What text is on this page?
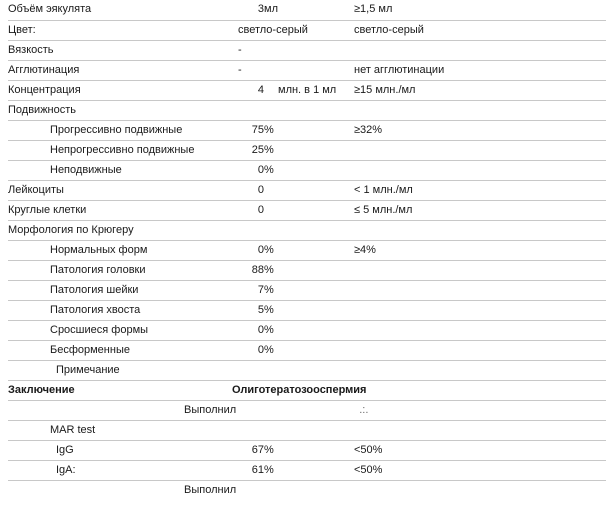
Объём эякулята	3	мл	≥1,5 мл
Цвет:	светло-серый		светло-серый
Вязкость	-		
Агглютинация	-		нет агглютинации
Концентрация	4	млн. в 1 мл	≥15 млн./мл
Подвижность			
Прогрессивно подвижные	75	%	≥32%
Непрогрессивно подвижные	25	%	
Неподвижные	0	%	
Лейкоциты	0		< 1 млн./мл
Круглые клетки	0		≤ 5 млн./мл
Морфология по Крюгеру			
Нормальных форм	0	%	≥4%
Патология головки	88	%	
Патология шейки	7	%	
Патология хвоста	5	%	
Сросшиеся формы	0	%	
Бесформенные	0	%	
Примечание			
Заключение	Олиготератозооспермия		
Выполнил .:.			
MAR test			
IgG	67	%	<50%
IgA:	61	%	<50%
Выполнил			
